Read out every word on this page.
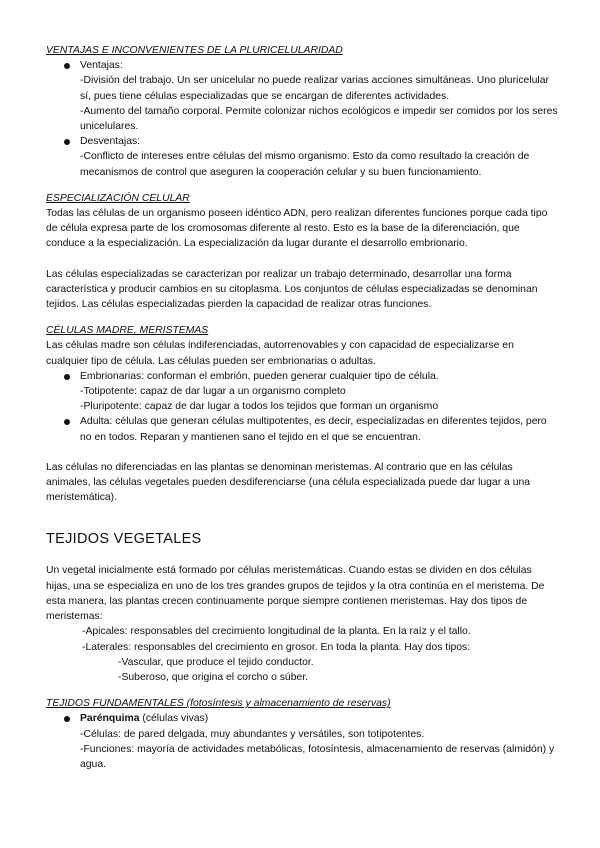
VENTAJAS E INCONVENIENTES DE LA PLURICELULARIDAD

Ventajas:
-División del trabajo. Un ser unicelular no puede realizar varias acciones simultáneas. Uno pluricelular sí, pues tiene células especializadas que se encargan de diferentes actividades.
-Aumento del tamaño corporal. Permite colonizar nichos ecológicos e impedir ser comidos por los seres unicelulares.
Desventajas:
-Conflicto de intereses entre células del mismo organismo. Esto da como resultado la creación de mecanismos de control que aseguren la cooperación celular y su buen funcionamiento.

ESPECIALIZACIÓN CELULAR

Todas las células de un organismo poseen idéntico ADN, pero realizan diferentes funciones porque cada tipo de célula expresa parte de los cromosomas diferente al resto. Esto es la base de la diferenciación, que conduce a la especialización. La especialización da lugar durante el desarrollo embrionario.

Las células especializadas se caracterizan por realizar un trabajo determinado, desarrollar una forma característica y producir cambios en su citoplasma. Los conjuntos de células especializadas se denominan tejidos. Las células especializadas pierden la capacidad de realizar otras funciones.

CÉLULAS MADRE, MERISTEMAS

Las células madre son células indiferenciadas, autorrenovables y con capacidad de especializarse en cualquier tipo de célula. Las células pueden ser embrionarias o adultas.

Embrionarias: conforman el embrión, pueden generar cualquier tipo de célula.
-Totipotente: capaz de dar lugar a un organismo completo
-Pluripotente: capaz de dar lugar a todos los tejidos que forman un organismo
Adulta: células que generan células multipotentes, es decir, especializadas en diferentes tejidos, pero no en todos. Reparan y mantienen sano el tejido en el que se encuentran.

Las células no diferenciadas en las plantas se denominan meristemas. Al contrario que en las células animales, las células vegetales pueden desdiferenciarse (una célula especializada puede dar lugar a una meristemática).

TEJIDOS VEGETALES

Un vegetal inicialmente está formado por células meristemáticas. Cuando estas se dividen en dos células hijas, una se especializa en uno de los tres grandes grupos de tejidos y la otra continúa en el meristema. De esta manera, las plantas crecen continuamente porque siempre contienen meristemas. Hay dos tipos de meristemas:

-Apicales: responsables del crecimiento longitudinal de la planta. En la raíz y el tallo.

-Laterales: responsables del crecimiento en grosor. En toda la planta. Hay dos tipos:

-Vascular, que produce el tejido conductor.

-Suberoso, que origina el corcho o súber.

TEJIDOS FUNDAMENTALES (fotosíntesis y almacenamiento de reservas)

Parénquima (células vivas)
-Células: de pared delgada, muy abundantes y versátiles, son totipotentes.
-Funciones: mayoría de actividades metabólicas, fotosíntesis, almacenamiento de reservas (almidón) y agua.
